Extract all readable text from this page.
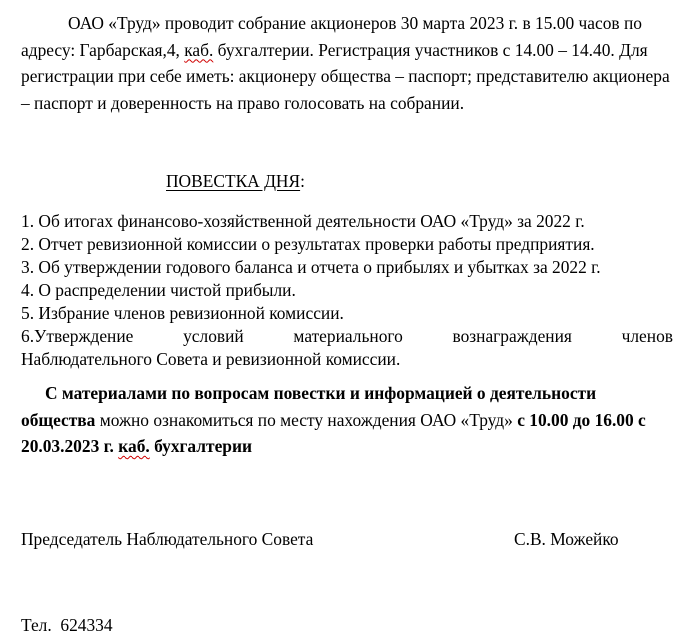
ОАО «Труд» проводит собрание акционеров 30 марта 2023 г. в 15.00 часов по адресу: Гарбарская,4, каб. бухгалтерии. Регистрация участников с 14.00 – 14.40. Для регистрации при себе иметь: акционеру общества – паспорт; представителю акционера – паспорт и доверенность на право голосовать на собрании.

ПОВЕСТКА ДНЯ:

1. Об итогах финансово-хозяйственной деятельности ОАО «Труд» за 2022 г.
2. Отчет ревизионной комиссии о результатах проверки работы предприятия.
3. Об утверждении годового баланса и отчета о прибылях и убытках за 2022 г.
4. О распределении чистой прибыли.
5. Избрание членов ревизионной комиссии.
6.Утверждение условий материального вознаграждения членов
Наблюдательного Совета и ревизионной комиссии.

С материалами по вопросам повестки и информацией о деятельности общества можно ознакомиться по месту нахождения ОАО «Труд» с 10.00 до 16.00 с 20.03.2023 г. каб. бухгалтерии

Председатель Наблюдательного Совета	С.В. Можейко
Тел.  624334
